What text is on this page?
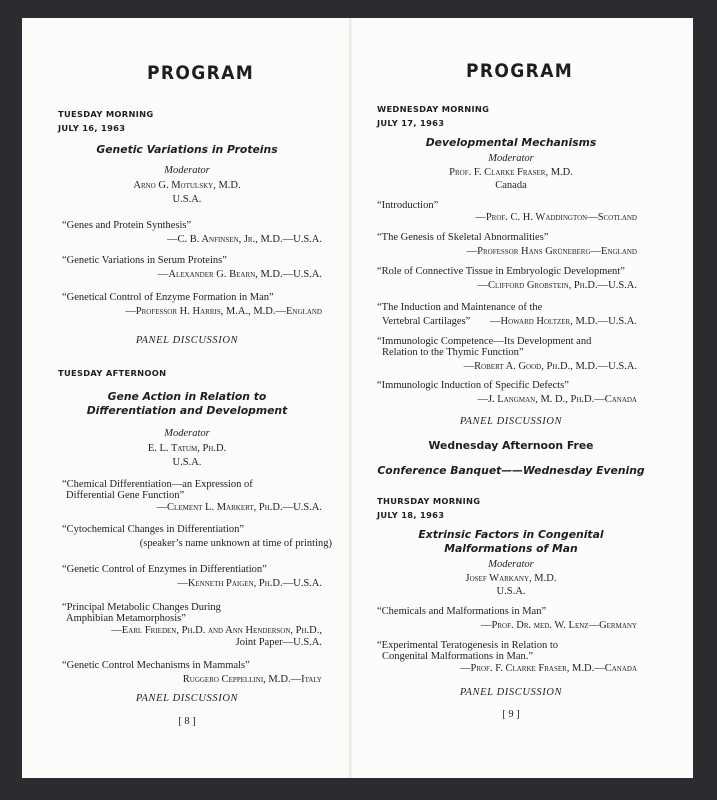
PROGRAM
TUESDAY MORNING
JULY 16, 1963
Genetic Variations in Proteins
Moderator
Arno G. Motulsky, M.D.
U.S.A.
“Genes and Protein Synthesis”
—C. B. Anfinsen, Jr., M.D.—U.S.A.
“Genetic Variations in Serum Proteins”
—Alexander G. Bearn, M.D.—U.S.A.
“Genetical Control of Enzyme Formation in Man”
—Professor H. Harris, M.A., M.D.—England
PANEL DISCUSSION
TUESDAY AFTERNOON
Gene Action in Relation to
Differentiation and Development
Moderator
E. L. Tatum, Ph.D.
U.S.A.
“Chemical Differentiation—an Expression of
Differential Gene Function”
—Clement L. Markert, Ph.D.—U.S.A.
“Cytochemical Changes in Differentiation”
(speaker’s name unknown at time of printing)
“Genetic Control of Enzymes in Differentiation”
—Kenneth Paigen, Ph.D.—U.S.A.
“Principal Metabolic Changes During
Amphibian Metamorphosis”
—Earl Frieden, Ph.D. and Ann Henderson, Ph.D.,
Joint Paper—U.S.A.
“Genetic Control Mechanisms in Mammals”
Ruggero Ceppellini, M.D.—Italy
PANEL DISCUSSION
[ 8 ]
PROGRAM
WEDNESDAY MORNING
JULY 17, 1963
Developmental Mechanisms
Moderator
Prof. F. Clarke Fraser, M.D.
Canada
“Introduction”
—Prof. C. H. Waddington—Scotland
“The Genesis of Skeletal Abnormalities”
—Professor Hans Grüneberg—England
“Role of Connective Tissue in Embryologic Development”
—Clifford Grobstein, Ph.D.—U.S.A.
“The Induction and Maintenance of the
Vertebral Cartilages” —Howard Holtzer, M.D.—U.S.A.
“Immunologic Competence—Its Development and
Relation to the Thymic Function”
—Robert A. Good, Ph.D., M.D.—U.S.A.
“Immunologic Induction of Specific Defects”
—J. Langman, M. D., Ph.D.—Canada
PANEL DISCUSSION
Wednesday Afternoon Free
Conference Banquet——Wednesday Evening
THURSDAY MORNING
JULY 18, 1963
Extrinsic Factors in Congenital
Malformations of Man
Moderator
Josef Warkany, M.D.
U.S.A.
“Chemicals and Malformations in Man”
—Prof. Dr. med. W. Lenz—Germany
“Experimental Teratogenesis in Relation to
Congenital Malformations in Man.”
—Prof. F. Clarke Fraser, M.D.—Canada
PANEL DISCUSSION
[ 9 ]
